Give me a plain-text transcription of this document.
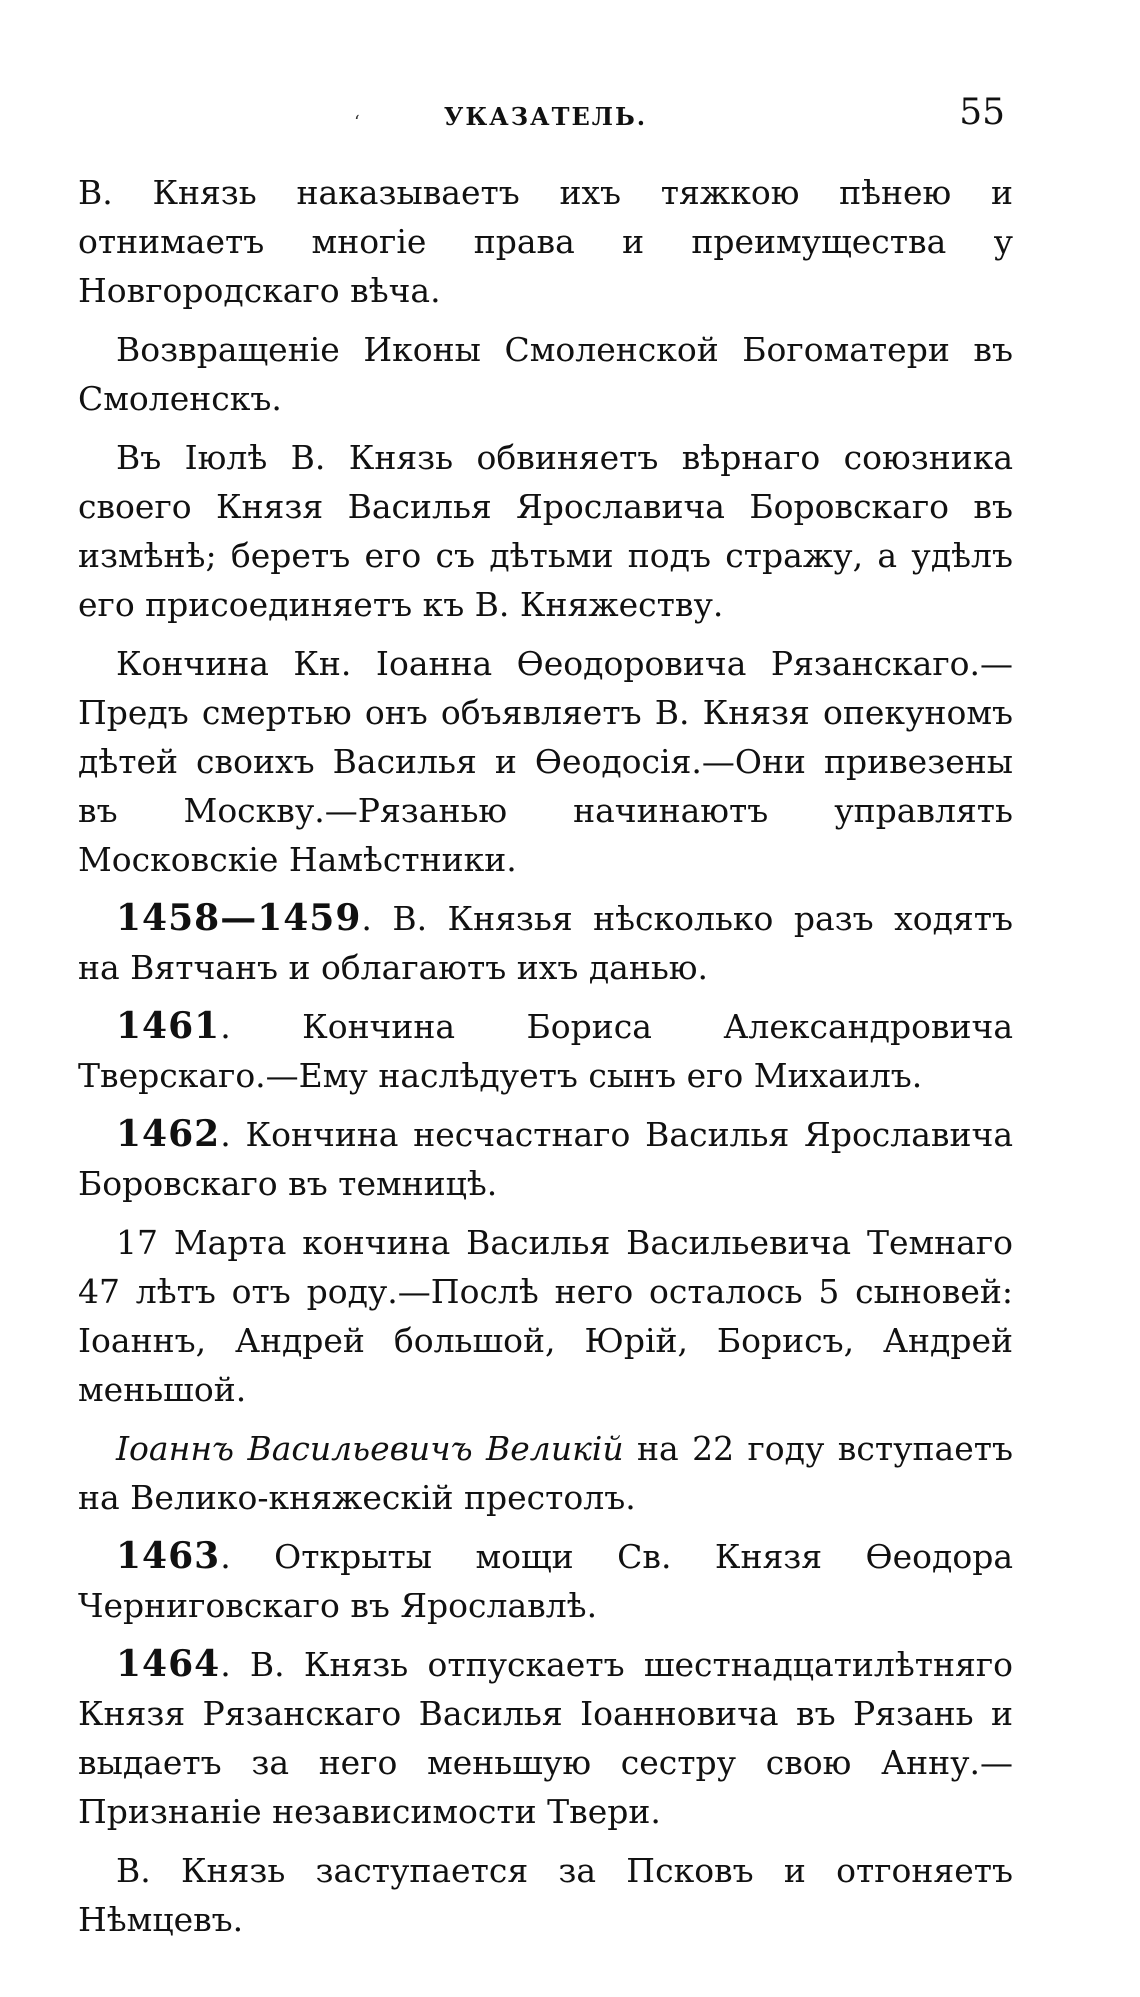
‘	УКАЗАТЕЛЬ.	55

В. Князь наказываетъ ихъ тяжкою пѣнею и отнимаетъ многіе права и преимущества у Новгородскаго вѣча.

Возвращеніе Иконы Смоленской Богоматери въ Смоленскъ.

Въ Іюлѣ В. Князь обвиняетъ вѣрнаго союзника своего Князя Василья Ярославича Боровскаго въ измѣнѣ; беретъ его съ дѣтьми подъ стражу, а удѣлъ его присоединяетъ къ В. Княжеству.

Кончина Кн. Іоанна Ѳеодоровича Рязанскаго.—Предъ смертью онъ объявляетъ В. Князя опекуномъ дѣтей своихъ Василья и Ѳеодосія.—Они привезены въ Москву.—Рязанью начинаютъ управлять Московскіе Намѣстники.

1458—1459. В. Князья нѣсколько разъ ходятъ на Вятчанъ и облагаютъ ихъ данью.

1461. Кончина Бориса Александровича Тверскаго.—Ему наслѣдуетъ сынъ его Михаилъ.

1462. Кончина несчастнаго Василья Ярославича Боровскаго въ темницѣ.

17 Марта кончина Василья Васильевича Темнаго 47 лѣтъ отъ роду.—Послѣ него осталось 5 сыновей: Іоаннъ, Андрей большой, Юрій, Борисъ, Андрей меньшой.

Іоаннъ Васильевичъ Великій на 22 году вступаетъ на Велико-княжескій престолъ.

1463. Открыты мощи Св. Князя Ѳеодора Черниговскаго въ Ярославлѣ.

1464. В. Князь отпускаетъ шестнадцатилѣтняго Князя Рязанскаго Василья Іоанновича въ Рязань и выдаетъ за него меньшую сестру свою Анну.—Признаніе независимости Твери.

В. Князь заступается за Псковъ и отгоняетъ Нѣмцевъ.
